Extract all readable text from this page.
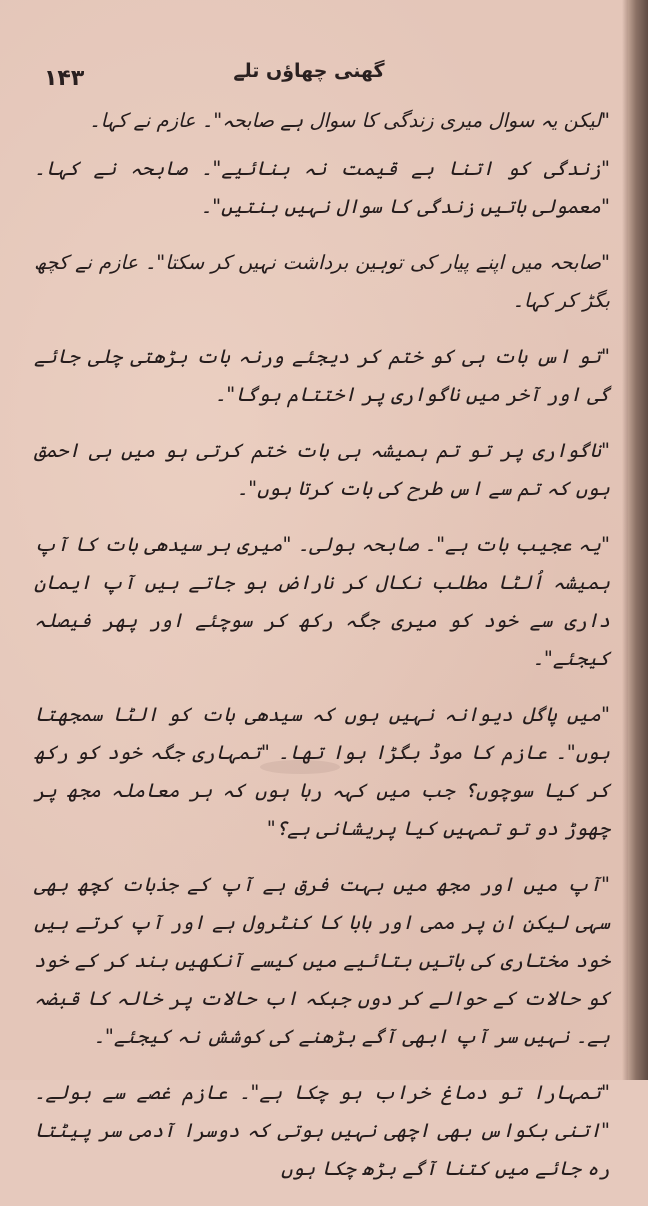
۱۴۳	گھنی چھاؤں تلے

"لیکن یہ سوال میری زندگی کا سوال ہے صابحہ"۔ عازم نے کہا۔

"زندگی کو اتنا بے قیمت نہ بنائیے"۔ صابحہ نے کہا۔ "معمولی باتیں زندگی کا سوال نہیں بنتیں"۔

"صابحہ میں اپنے پیار کی توہین برداشت نہیں کر سکتا"۔ عازم نے کچھ بگڑ کر کہا۔

"تو اس بات ہی کو ختم کر دیجئے ورنہ بات بڑھتی چلی جائے گی اور آخر میں ناگواری پر اختتام ہوگا"۔

"ناگواری پر تو تم ہمیشہ ہی بات ختم کرتی ہو میں ہی احمق ہوں کہ تم سے اس طرح کی بات کرتا ہوں"۔

"یہ عجیب بات ہے"۔ صابحہ بولی۔ "میری ہر سیدھی بات کا آپ ہمیشہ اُلٹا مطلب نکال کر ناراض ہو جاتے ہیں آپ ایمان داری سے خود کو میری جگہ رکھ کر سوچئے اور پھر فیصلہ کیجئے"۔

"میں پاگل دیوانہ نہیں ہوں کہ سیدھی بات کو الٹا سمجھتا ہوں"۔ عازم کا موڈ بگڑا ہوا تھا۔ "تمہاری جگہ خود کو رکھ کر کیا سوچوں؟ جب میں کہہ رہا ہوں کہ ہر معاملہ مجھ پر چھوڑ دو تو تمہیں کیا پریشانی ہے؟"

"آپ میں اور مجھ میں بہت فرق ہے آپ کے جذبات کچھ بھی سہی لیکن ان پر ممی اور بابا کا کنٹرول ہے اور آپ کرتے ہیں خود مختاری کی باتیں بتائیے میں کیسے آنکھیں بند کر کے خود کو حالات کے حوالے کر دوں جبکہ اب حالات پر خالہ کا قبضہ ہے۔ نہیں سر آپ ابھی آگے بڑھنے کی کوشش نہ کیجئے"۔

"تمہارا تو دماغ خراب ہو چکا ہے"۔ عازم غصے سے بولے۔ "اتنی بکواس بھی اچھی نہیں ہوتی کہ دوسرا آدمی سر پیٹتا رہ جائے میں کتنا آگے بڑھ چکا ہوں
